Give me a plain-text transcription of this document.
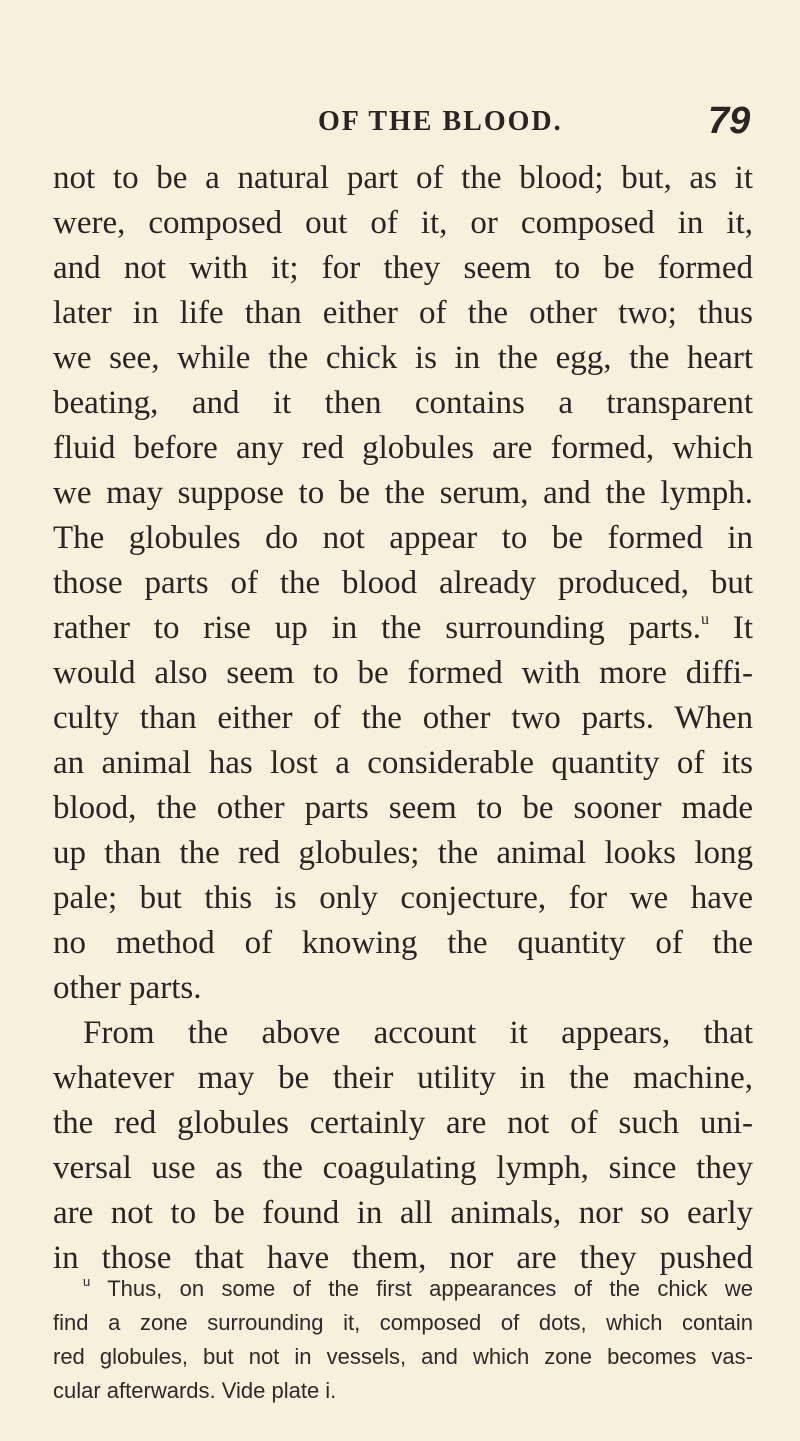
OF THE BLOOD.	79
not to be a natural part of the blood; but, as it
were, composed out of it, or composed in it,
and not with it; for they seem to be formed
later in life than either of the other two; thus
we see, while the chick is in the egg, the heart
beating, and it then contains a transparent
fluid before any red globules are formed, which
we may suppose to be the serum, and the lymph.
The globules do not appear to be formed in
those parts of the blood already produced, but
rather to rise up in the surrounding parts.$^u$ It
would also seem to be formed with more diffi-
culty than either of the other two parts. When
an animal has lost a considerable quantity of its
blood, the other parts seem to be sooner made
up than the red globules; the animal looks long
pale; but this is only conjecture, for we have
no method of knowing the quantity of the
other parts.
From the above account it appears, that
whatever may be their utility in the machine,
the red globules certainly are not of such uni-
versal use as the coagulating lymph, since they
are not to be found in all animals, nor so early
in those that have them, nor are they pushed
$^u$ Thus, on some of the first appearances of the chick we
find a zone surrounding it, composed of dots, which contain
red globules, but not in vessels, and which zone becomes vas-
cular afterwards. Vide plate i.
